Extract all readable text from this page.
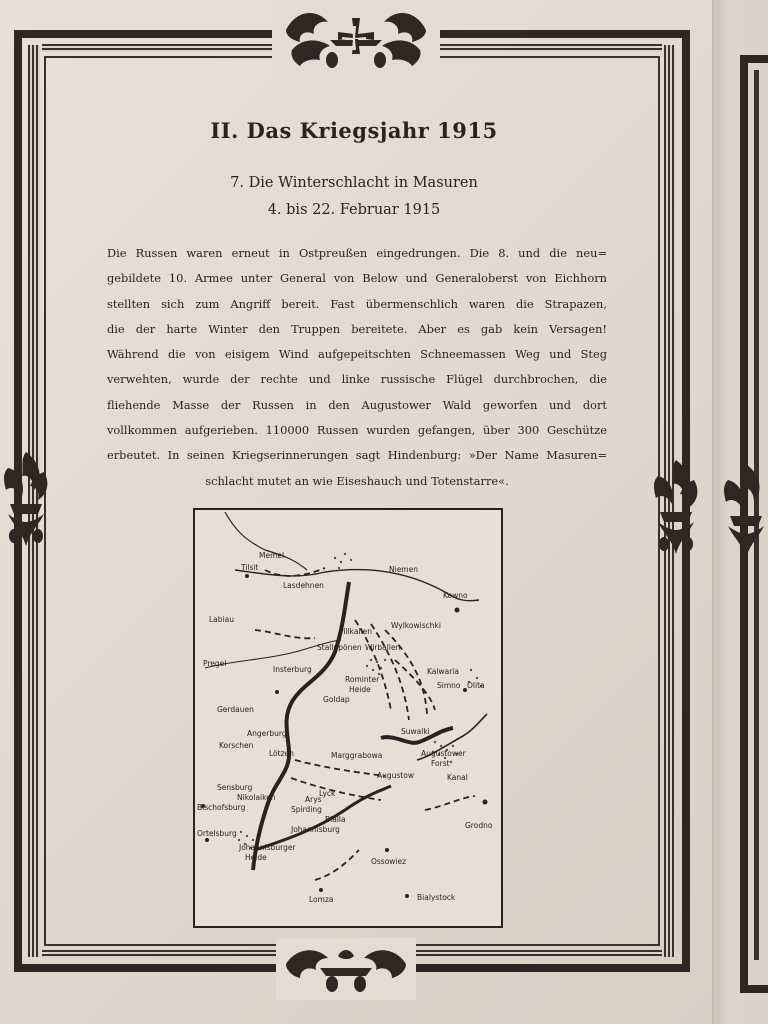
II. Das Kriegsjahr 1915
7. Die Winterschlacht in Masuren
4. bis 22. Februar 1915
Die Russen waren erneut in Ostpreußen eingedrungen. Die 8. und die neu=
gebildete 10. Armee unter General von Below und Generaloberst von Eichhorn
stellten sich zum Angriff bereit. Fast übermenschlich waren die Strapazen,
die der harte Winter den Truppen bereitete. Aber es gab kein Versagen!
Während die von eisigem Wind aufgepeitschten Schneemassen Weg und Steg
verwehten, wurde der rechte und linke russische Flügel durchbrochen, die
fliehende Masse der Russen in den Augustower Wald geworfen und dort
vollkommen aufgerieben. 110000 Russen wurden gefangen, über 300 Geschütze
erbeutet. In seinen Kriegserinnerungen sagt Hindenburg: »Der Name Masuren=
schlacht mutet an wie Eiseshauch und Totenstarre«.
Memel
Tilsit	Niemen
Kowno
Lasdehnen
Labiau
Pillkallen
Wylkowischki
Stallupönen Wirballen
Pregel
Insterburg	Kalwaria
Olita
Simno
Rominter
Heide
Goldap
Gerdauen
Angerburg
Korschen
Lötzen
Suwalki
Marggrabowa	Augustower
Forst
Augustow	Kanal
Sensburg
Nikolaiken
Bischofsburg
Arys
Spirding
Lyck
Bialla
Johannisburg
Johannisburger
Heide
Ortelsburg
Grodno
Ossowiez
Bialystock
Lomza
